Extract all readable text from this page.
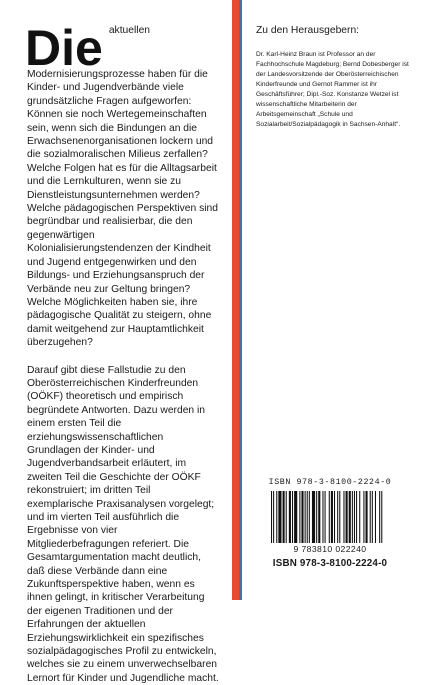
Die aktuellen Modernisierungsprozesse haben für die Kinder- und Jugendverbände viele grundsätzliche Fragen aufgeworfen: Können sie noch Wertegemeinschaften sein, wenn sich die Bindungen an die Erwachsenenorganisationen lockern und die sozialmoralischen Milieus zerfallen? Welche Folgen hat es für die Alltagsarbeit und die Lernkulturen, wenn sie zu Dienstleistungsunternehmen werden? Welche pädagogischen Perspektiven sind begründbar und realisierbar, die den gegenwärtigen Kolonialisierungstendenzen der Kindheit und Jugend entgegenwirken und den Bildungs- und Erziehungsanspruch der Verbände neu zur Geltung bringen? Welche Möglichkeiten haben sie, ihre pädagogische Qualität zu steigern, ohne damit weitgehend zur Hauptamtlichkeit überzugehen?

Darauf gibt diese Fallstudie zu den Oberösterreichischen Kinderfreunden (OÖKF) theoretisch und empirisch begründete Antworten. Dazu werden in einem ersten Teil die erziehungswissenschaftlichen Grundlagen der Kinder- und Jugendverbandsarbeit erläutert, im zweiten Teil die Geschichte der OÖKF rekonstruiert; im dritten Teil exemplarische Praxisanalysen vorgelegt; und im vierten Teil ausführlich die Ergebnisse von vier Mitgliederbefragungen referiert. Die Gesamtargumentation macht deutlich, daß diese Verbände dann eine Zukunftsperspektive haben, wenn es ihnen gelingt, in kritischer Verarbeitung der eigenen Traditionen und der Erfahrungen der aktuellen Erziehungswirklichkeit ein spezifisches sozialpädagogisches Profil zu entwickeln, welches sie zu einem unverwechselbaren Lernort für Kinder und Jugendliche macht.

Zu den Herausgebern:

Dr. Karl-Heinz Braun ist Professor an der Fachhochschule Magdeburg; Bernd Dobesberger ist der Landesvorsitzende der Oberösterreichischen Kinderfreunde und Gernot Rammer ist ihr Geschäftsführer; Dipl.-Soz. Konstanze Wetzel ist wissenschaftliche Mitarbeiterin der Arbeitsgemeinschaft „Schule und Sozialarbeit/Sozialpädagogik in Sachsen-Anhalt“.

ISBN 978-3-8100-2224-0
9 783810 022240
ISBN 978-3-8100-2224-0
